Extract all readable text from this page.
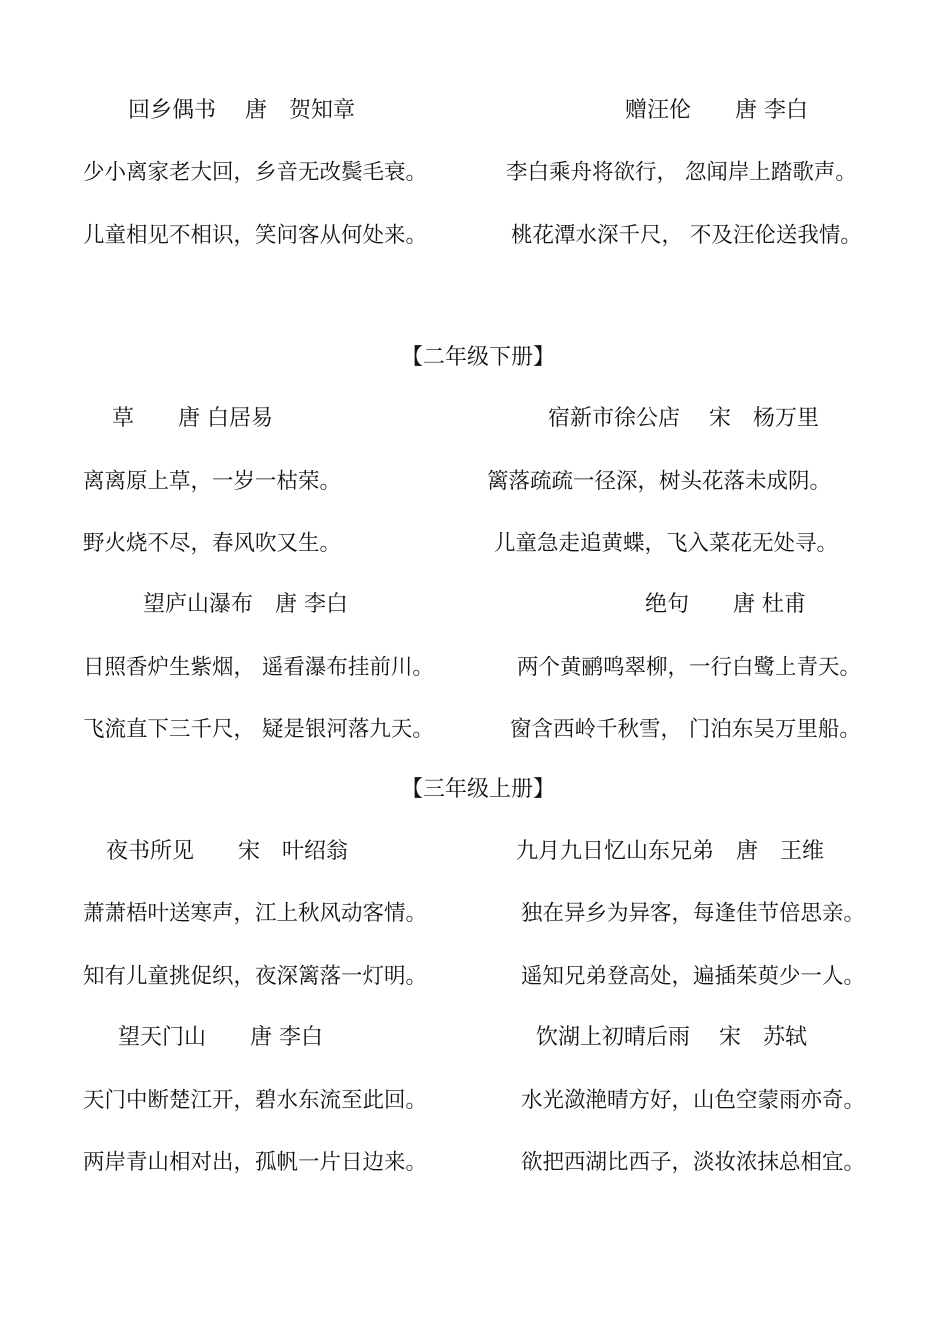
回乡偶书　 唐　贺知章
少小离家老大回，乡音无改鬓毛衰。
儿童相见不相识，笑问客从何处来。
赠汪伦　　唐 李白
李白乘舟将欲行， 忽闻岸上踏歌声。
桃花潭水深千尺， 不及汪伦送我情。
【二年级下册】
草　　唐 白居易
离离原上草，一岁一枯荣。
野火烧不尽，春风吹又生。
宿新市徐公店　 宋　杨万里
篱落疏疏一径深，树头花落未成阴。
儿童急走追黄蝶，飞入菜花无处寻。
望庐山瀑布　唐 李白
日照香炉生紫烟， 遥看瀑布挂前川。
飞流直下三千尺， 疑是银河落九天。
绝句　　唐 杜甫
两个黄鹂鸣翠柳，一行白鹭上青天。
窗含西岭千秋雪， 门泊东吴万里船。
【三年级上册】
夜书所见　　宋　叶绍翁
萧萧梧叶送寒声，江上秋风动客情。
知有儿童挑促织，夜深篱落一灯明。
九月九日忆山东兄弟　唐　王维
独在异乡为异客，每逢佳节倍思亲。
遥知兄弟登高处，遍插茱萸少一人。
望天门山　　唐 李白
天门中断楚江开，碧水东流至此回。
两岸青山相对出，孤帆一片日边来。
饮湖上初晴后雨　 宋　苏轼
水光潋滟晴方好，山色空蒙雨亦奇。
欲把西湖比西子，淡妆浓抹总相宜。
